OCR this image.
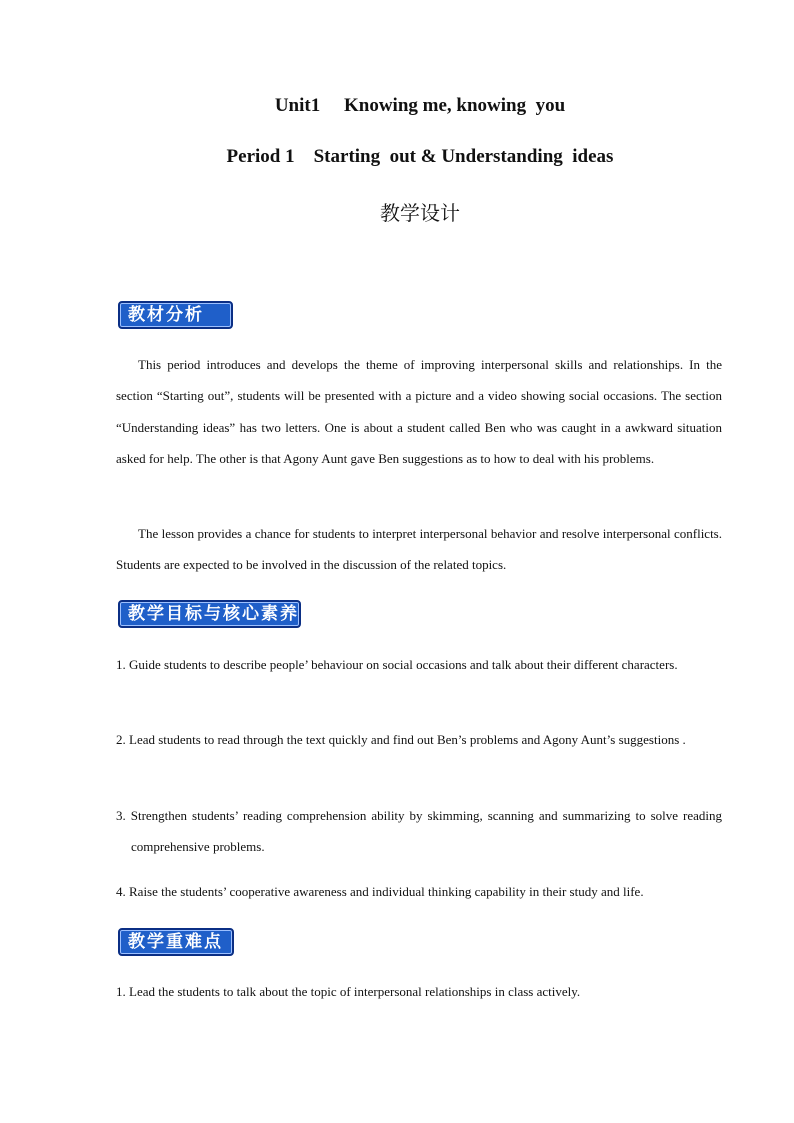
Unit1     Knowing me, knowing  you
Period 1    Starting  out & Understanding  ideas
教学设计
教材分析

This period introduces and develops the theme of improving interpersonal skills and relationships. In the section “Starting out”, students will be presented with a picture and a video showing social occasions. The section “Understanding ideas” has two letters. One is about a student called Ben who was caught in a awkward situation asked for help. The other is that Agony Aunt gave Ben suggestions as to how to deal with his problems.

The lesson provides a chance for students to interpret interpersonal behavior and resolve interpersonal conflicts. Students are expected to be involved in the discussion of the related topics.

教学目标与核心素养

1. Guide students to describe people’ behaviour on social occasions and talk about their different characters.

2. Lead students to read through the text quickly and find out Ben’s problems and Agony Aunt’s suggestions .

3. Strengthen students’ reading comprehension ability by skimming, scanning and summarizing to solve reading comprehensive problems.

4. Raise the students’ cooperative awareness and individual thinking capability in their study and life.

教学重难点

1. Lead the students to talk about the topic of interpersonal relationships in class actively.
